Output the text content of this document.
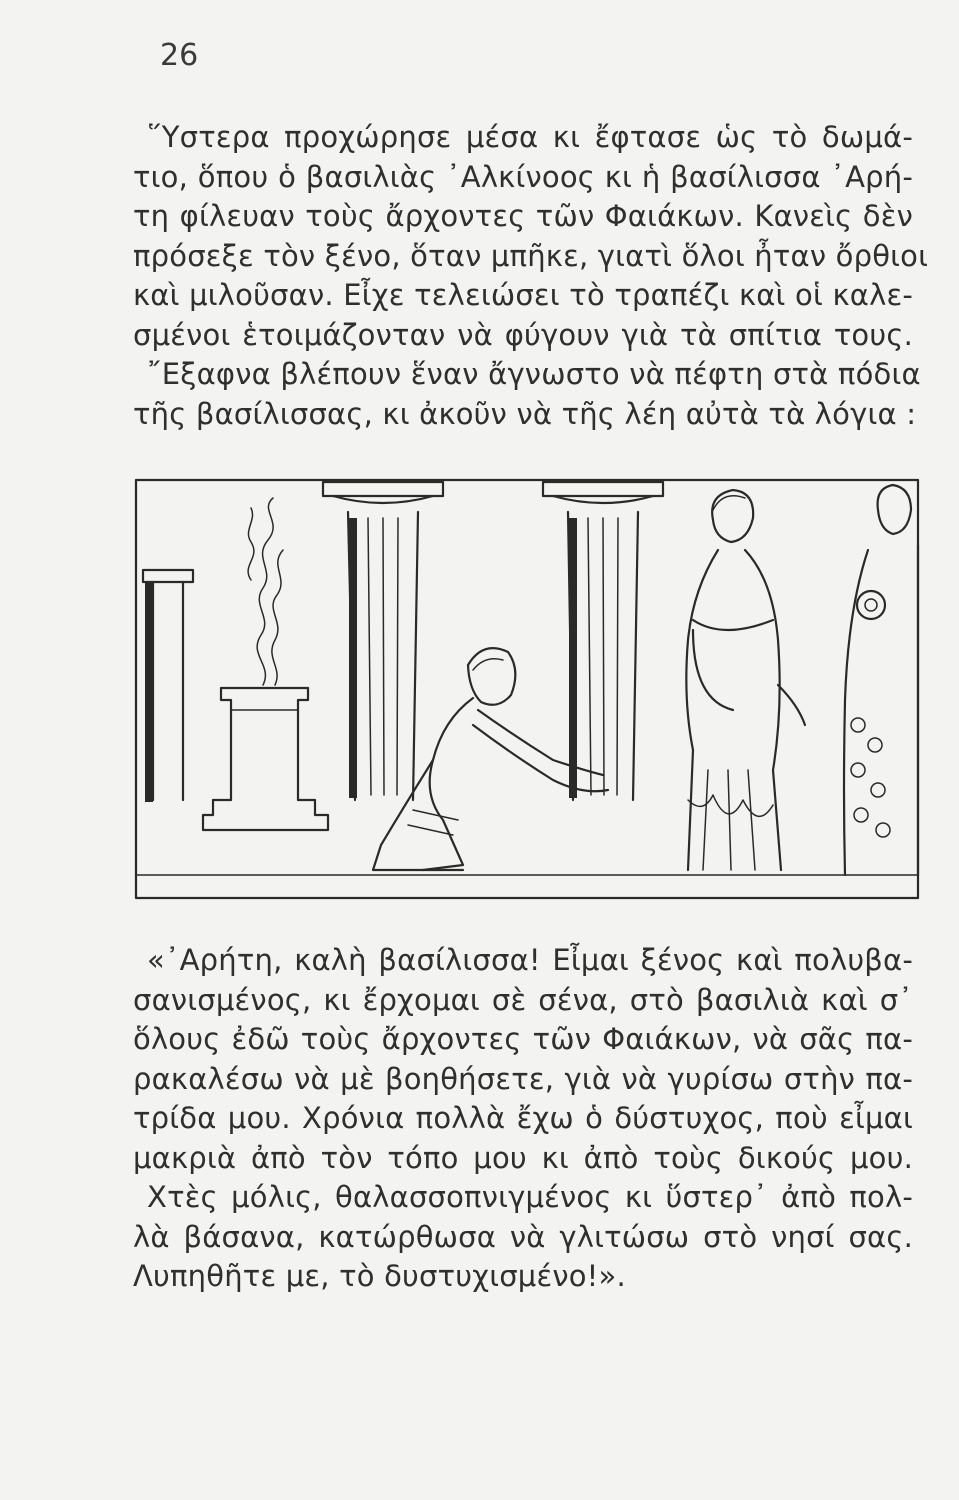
26
῞Υστερα προχώρησε μέσα κι ἔφτασε ὡς τὸ δωμά-
τιο, ὅπου ὁ βασιλιὰς ᾿Αλκίνοος κι ἡ βασίλισσα ᾿Αρή-
τη φίλευαν τοὺς ἄρχοντες τῶν Φαιάκων. Κανεὶς δὲν
πρόσεξε τὸν ξένο, ὅταν μπῆκε, γιατὶ ὅλοι ἦταν ὄρθιοι
καὶ μιλοῦσαν. Εἶχε τελειώσει τὸ τραπέζι καὶ οἱ καλε-
σμένοι ἑτοιμάζονταν νὰ φύγουν γιὰ τὰ σπίτια τους.
῎Εξαφνα βλέπουν ἕναν ἄγνωστο νὰ πέφτη στὰ πόδια
τῆς βασίλισσας, κι ἀκοῦν νὰ τῆς λέη αὐτὰ τὰ λόγια :
«᾿Αρήτη, καλὴ βασίλισσα! Εἶμαι ξένος καὶ πολυβα-
σανισμένος, κι ἔρχομαι σὲ σένα, στὸ βασιλιὰ καὶ σ᾿
ὅλους ἐδῶ τοὺς ἄρχοντες τῶν Φαιάκων, νὰ σᾶς πα-
ρακαλέσω νὰ μὲ βοηθήσετε, γιὰ νὰ γυρίσω στὴν πα-
τρίδα μου. Χρόνια πολλὰ ἔχω ὁ δύστυχος, ποὺ εἶμαι
μακριὰ ἀπὸ τὸν τόπο μου κι ἀπὸ τοὺς δικούς μου.
Χτὲς μόλις, θαλασσοπνιγμένος κι ὕστερ᾿ ἀπὸ πολ-
λὰ βάσανα, κατώρθωσα νὰ γλιτώσω στὸ νησί σας.
Λυπηθῆτε με, τὸ δυστυχισμένο!».
